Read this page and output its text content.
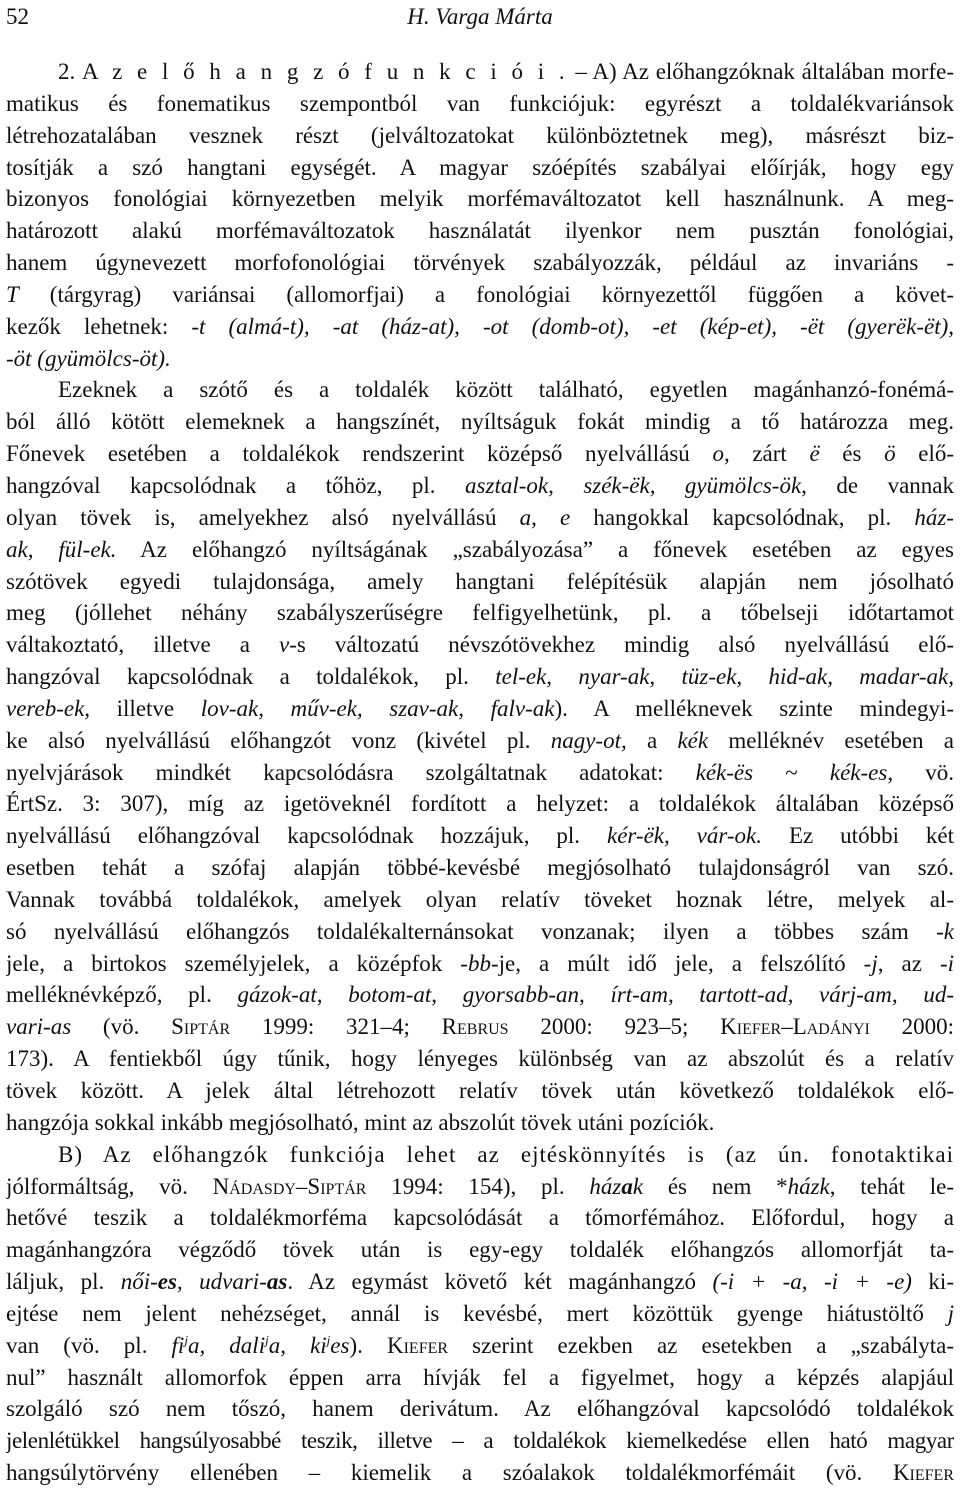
52	H. Varga Márta
2. A z e l ő h a n g z ó f u n k c i ó i . – A) Az előhangzóknak általában morfe-
matikus és fonematikus szempontból van funkciójuk: egyrészt a toldalékvariánsok
létrehozatalában vesznek részt (jelváltozatokat különböztetnek meg), másrészt biz-
tosítják a szó hangtani egységét. A magyar szóépítés szabályai előírják, hogy egy
bizonyos fonológiai környezetben melyik morfémaváltozatot kell használnunk. A meg-
határozott alakú morfémaváltozatok használatát ilyenkor nem pusztán fonológiai,
hanem úgynevezett morfofonológiai törvények szabályozzák, például az invariáns -
T (tárgyrag) variánsai (allomorfjai) a fonológiai környezettől függően a követ-
kezők lehetnek: -t (almá-t), -at (ház-at), -ot (domb-ot), -et (kép-et), -ët (gyerëk-ët),
-öt (gyümölcs-öt).
Ezeknek a szótő és a toldalék között található, egyetlen magánhanzó-fonémá-
ból álló kötött elemeknek a hangszínét, nyíltságuk fokát mindig a tő határozza meg.
Főnevek esetében a toldalékok rendszerint középső nyelvállású o, zárt ë és ö elő-
hangzóval kapcsolódnak a tőhöz, pl. asztal-ok, szék-ëk, gyümölcs-ök, de vannak
olyan tövek is, amelyekhez alsó nyelvállású a, e hangokkal kapcsolódnak, pl. ház-
ak, fül-ek. Az előhangzó nyíltságának „szabályozása” a főnevek esetében az egyes
szótövek egyedi tulajdonsága, amely hangtani felépítésük alapján nem jósolható
meg (jóllehet néhány szabályszerűségre felfigyelhetünk, pl. a tőbelseji időtartamot
váltakoztató, illetve a v-s változatú névszótövekhez mindig alsó nyelvállású elő-
hangzóval kapcsolódnak a toldalékok, pl. tel-ek, nyar-ak, tüz-ek, hid-ak, madar-ak,
vereb-ek, illetve lov-ak, műv-ek, szav-ak, falv-ak). A melléknevek szinte mindegyi-
ke alsó nyelvállású előhangzót vonz (kivétel pl. nagy-ot, a kék melléknév esetében a
nyelvjárások mindkét kapcsolódásra szolgáltatnak adatokat: kék-ës ~ kék-es, vö.
ÉrtSz. 3: 307), míg az igetöveknél fordított a helyzet: a toldalékok általában középső
nyelvállású előhangzóval kapcsolódnak hozzájuk, pl. kér-ëk, vár-ok. Ez utóbbi két
esetben tehát a szófaj alapján többé-kevésbé megjósolható tulajdonságról van szó.
Vannak továbbá toldalékok, amelyek olyan relatív töveket hoznak létre, melyek al-
só nyelvállású előhangzós toldalékalternánsokat vonzanak; ilyen a többes szám -k
jele, a birtokos személyjelek, a középfok -bb-je, a múlt idő jele, a felszólító -j, az -i
melléknévképző, pl. gázok-at, botom-at, gyorsabb-an, írt-am, tartott-ad, várj-am, ud-
vari-as (vö. Siptár 1999: 321–4; Rebrus 2000: 923–5; Kiefer–Ladányi 2000:
173). A fentiekből úgy tűnik, hogy lényeges különbség van az abszolút és a relatív
tövek között. A jelek által létrehozott relatív tövek után következő toldalékok elő-
hangzója sokkal inkább megjósolható, mint az abszolút tövek utáni pozíciók.
B) Az előhangzók funkciója lehet az ejtéskönnyítés is (az ún. fonotaktikai
jólformáltság, vö. Nádasdy–Siptár 1994: 154), pl. házak és nem *házk, tehát le-
hetővé teszik a toldalékmorféma kapcsolódását a tőmorfémához. Előfordul, hogy a
magánhangzóra végződő tövek után is egy-egy toldalék előhangzós allomorfját ta-
láljuk, pl. női-es, udvari-as. Az egymást követő két magánhangzó (-i + -a, -i + -e) ki-
ejtése nem jelent nehézséget, annál is kevésbé, mert közöttük gyenge hiátustöltő j
van (vö. pl. $fi^ja$, dali$^j$a, $ki^jes$). Kiefer szerint ezekben az esetekben a „szabályta-
nul” használt allomorfok éppen arra hívják fel a figyelmet, hogy a képzés alapjául
szolgáló szó nem tőszó, hanem derivátum. Az előhangzóval kapcsolódó toldalékok
jelenlétükkel hangsúlyosabbé teszik, illetve – a toldalékok kiemelkedése ellen ható magyar
hangsúlytörvény ellenében – kiemelik a szóalakok toldalékmorfémáit (vö. Kiefer
